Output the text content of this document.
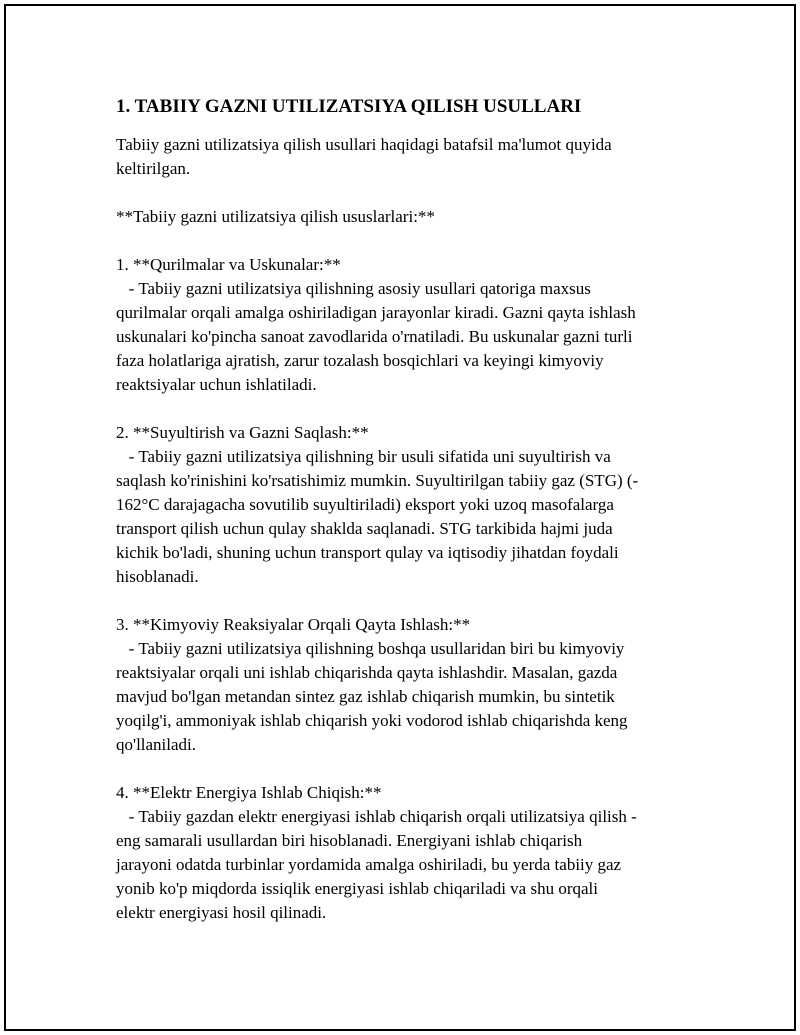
1. TABIIY GAZNI UTILIZATSIYA QILISH USULLARI

Tabiiy gazni utilizatsiya qilish usullari haqidagi batafsil ma'lumot quyida
keltirilgan.

**Tabiiy gazni utilizatsiya qilish ususlarlari:**

1. **Qurilmalar va Uskunalar:**

- Tabiiy gazni utilizatsiya qilishning asosiy usullari qatoriga maxsus
qurilmalar orqali amalga oshiriladigan jarayonlar kiradi. Gazni qayta ishlash
uskunalari ko'pincha sanoat zavodlarida o'rnatiladi. Bu uskunalar gazni turli
faza holatlariga ajratish, zarur tozalash bosqichlari va keyingi kimyoviy
reaktsiyalar uchun ishlatiladi.

2. **Suyultirish va Gazni Saqlash:**

- Tabiiy gazni utilizatsiya qilishning bir usuli sifatida uni suyultirish va
saqlash ko'rinishini ko'rsatishimiz mumkin. Suyultirilgan tabiiy gaz (STG) (-
162°C darajagacha sovutilib suyultiriladi) eksport yoki uzoq masofalarga
transport qilish uchun qulay shaklda saqlanadi. STG tarkibida hajmi juda
kichik bo'ladi, shuning uchun transport qulay va iqtisodiy jihatdan foydali
hisoblanadi.

3. **Kimyoviy Reaksiyalar Orqali Qayta Ishlash:**

- Tabiiy gazni utilizatsiya qilishning boshqa usullaridan biri bu kimyoviy
reaktsiyalar orqali uni ishlab chiqarishda qayta ishlashdir. Masalan, gazda
mavjud bo'lgan metandan sintez gaz ishlab chiqarish mumkin, bu sintetik
yoqilg'i, ammoniyak ishlab chiqarish yoki vodorod ishlab chiqarishda keng
qo'llaniladi.

4. **Elektr Energiya Ishlab Chiqish:**

- Tabiiy gazdan elektr energiyasi ishlab chiqarish orqali utilizatsiya qilish -
eng samarali usullardan biri hisoblanadi. Energiyani ishlab chiqarish
jarayoni odatda turbinlar yordamida amalga oshiriladi, bu yerda tabiiy gaz
yonib ko'p miqdorda issiqlik energiyasi ishlab chiqariladi va shu orqali
elektr energiyasi hosil qilinadi.
